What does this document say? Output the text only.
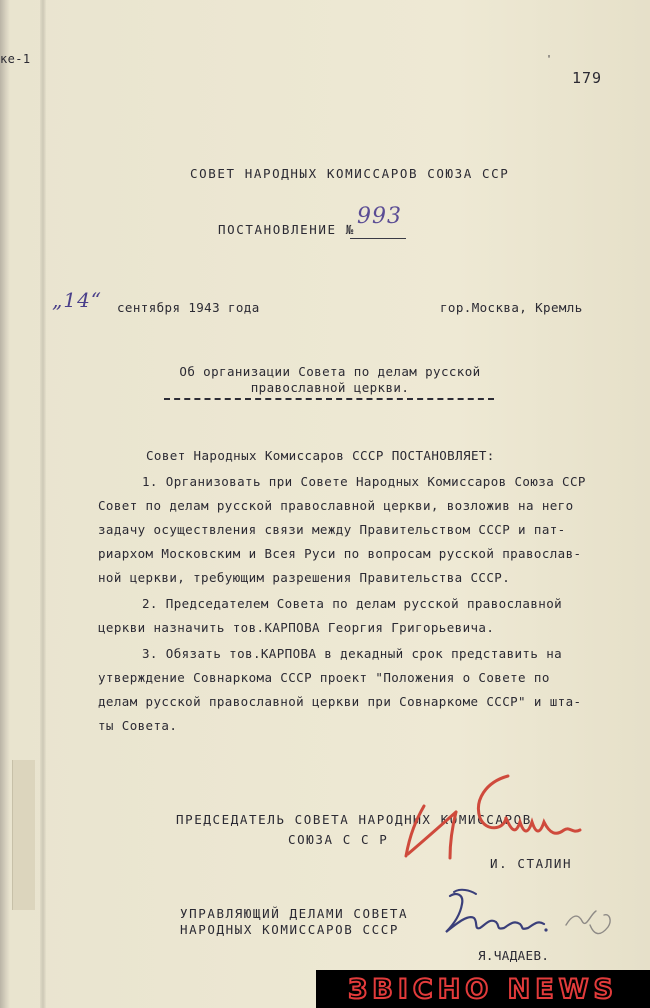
ке-1	'
179
СОВЕТ НАРОДНЫХ КОМИССАРОВ СОЮЗА ССР
ПОСТАНОВЛЕНИЕ №
993
„14“ сентября 1943 года	гор.Москва, Кремль
Об организации Совета по делам русской
православной церкви.
Совет Народных Комиссаров СССР ПОСТАНОВЛЯЕТ:
1. Организовать при Совете Народных Комиссаров Союза ССР
Совет по делам русской православной церкви, возложив на него
задачу осуществления связи между Правительством СССР и пат-
риархом Московским и Всея Руси по вопросам русской православ-
ной церкви, требующим разрешения Правительства СССР.
2. Председателем Совета по делам русской православной
церкви назначить тов.КАРПОВА Георгия Григорьевича.
3. Обязать тов.КАРПОВА в декадный срок представить на
утверждение Совнаркома СССР проект "Положения о Совете по
делам русской православной церкви при Совнаркоме СССР" и шта-
ты Совета.
ПРЕДСЕДАТЕЛЬ СОВЕТА НАРОДНЫХ КОМИССАРОВ
СОЮЗА С С Р
И. СТАЛИН
УПРАВЛЯЮЩИЙ ДЕЛАМИ СОВЕТА
НАРОДНЫХ КОМИССАРОВ СССР
Я.ЧАДАЕВ.
ЗВІСНО NEWS
